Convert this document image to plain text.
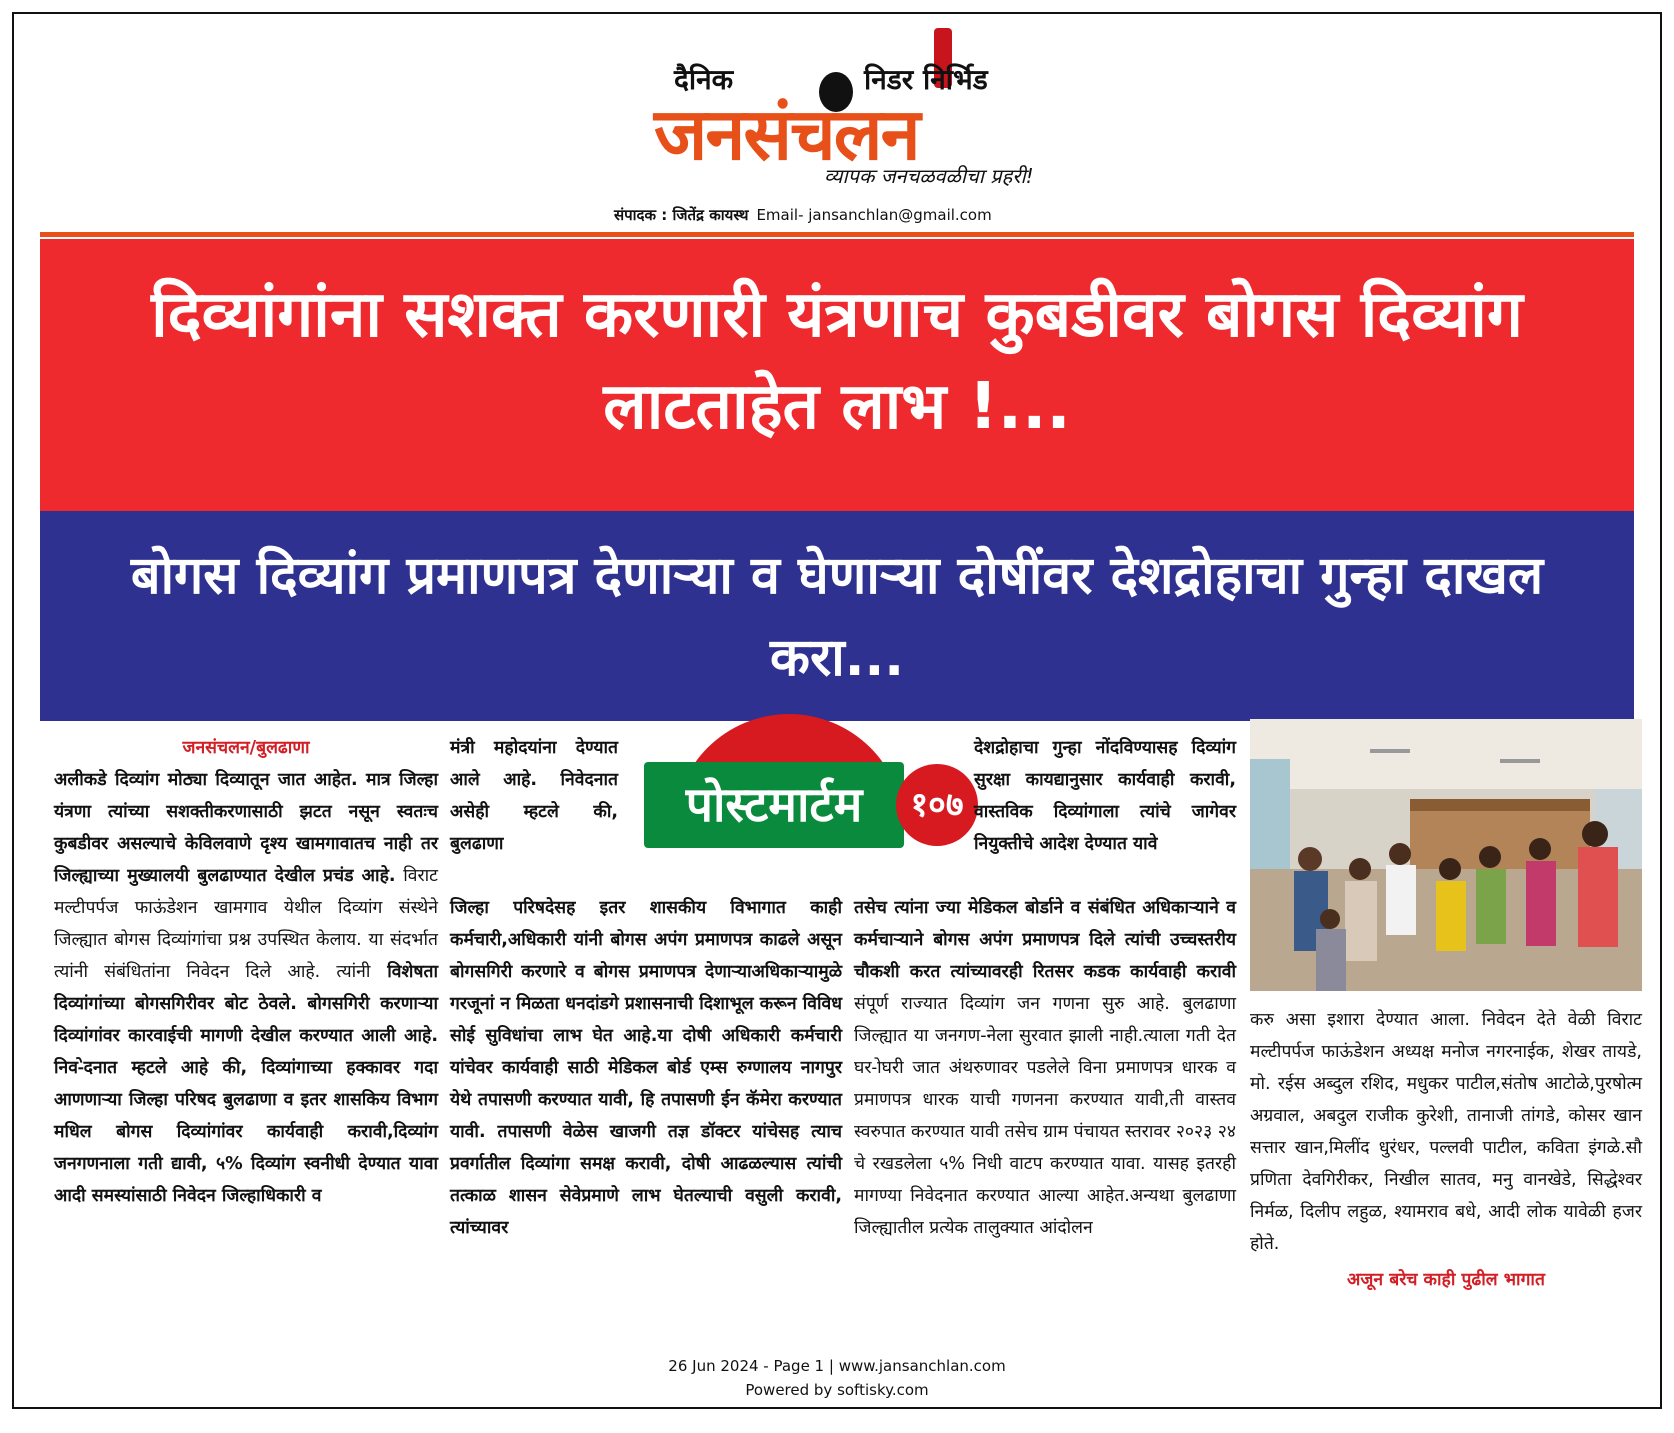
दैनिक	निडर निर्भिड
जनसंचलन
व्यापक जनचळवळीचा प्रहरी!
संपादक : जितेंद्र कायस्थ Email- jansanchlan@gmail.com
दिव्यांगांना सशक्त करणारी यंत्रणाच कुबडीवर बोगस दिव्यांग लाटताहेत लाभ !...
बोगस दिव्यांग प्रमाणपत्र देणाऱ्या व घेणाऱ्या दोषींवर देशद्रोहाचा गुन्हा दाखल करा...
जनसंचलन/बुलढाणा

अलीकडे दिव्यांग मोठ्या दिव्यातून जात आहेत. मात्र जिल्हा यंत्रणा त्यांच्या सशक्तीकरणासाठी झटत नसून स्वतःच कुबडीवर असल्याचे केविलवाणे दृश्य खामगावातच नाही तर जिल्ह्याच्या मुख्यालयी बुलढाण्यात देखील प्रचंड आहे. विराट मल्टीपर्पज फाऊंडेशन खामगाव येथील दिव्यांग संस्थेने जिल्ह्यात बोगस दिव्यांगांचा प्रश्न उपस्थित केलाय. या संदर्भात त्यांनी संबंधितांना निवेदन दिले आहे. त्यांनी विशेषता दिव्यांगांच्या बोगसगिरीवर बोट ठेवले. बोगसगिरी करणाऱ्या दिव्यांगांवर कारवाईची मागणी देखील करण्यात आली आहे. निव-ेदनात म्हटले आहे की, दिव्यांगाच्या हक्कावर गदा आणणाऱ्या जिल्हा परिषद बुलढाणा व इतर शासकिय विभाग मधिल बोगस दिव्यांगांवर कार्यवाही करावी,दिव्यांग जनगणनाला गती द्यावी, ५% दिव्यांग स्वनीधी देण्यात यावा आदी समस्यांसाठी निवेदन जिल्हाधिकारी व

मंत्री महोदयांना देण्यात आले आहे. निवेदनात असेही म्हटले की, बुलढाणा

पोस्टमार्टम	१०७

जिल्हा परिषदेसह इतर शासकीय विभागात काही कर्मचारी,अधिकारी यांनी बोगस अपंग प्रमाणपत्र काढले असून बोगसगिरी करणारे व बोगस प्रमाणपत्र देणाऱ्याअधिकाऱ्यामुळे गरजूनां न मिळता धनदांडगे प्रशासनाची दिशाभूल करून विविध सोई सुविधांचा लाभ घेत आहे.या दोषी अधिकारी कर्मचारी यांचेवर कार्यवाही साठी मेडिकल बोर्ड एम्स रुग्णालय नागपुर येथे तपासणी करण्यात यावी, हि तपासणी ईन कॅमेरा करण्यात यावी. तपासणी वेळेस खाजगी तज्ञ डॉक्टर यांचेसह त्याच प्रवर्गातील दिव्यांगा समक्ष करावी, दोषी आढळल्यास त्यांची तत्काळ शासन सेवेप्रमाणे लाभ घेतल्याची वसुली करावी, त्यांच्यावर

देशद्रोहाचा गुन्हा नोंदविण्यासह दिव्यांग सुरक्षा कायद्यानुसार कार्यवाही करावी, वास्तविक दिव्यांगाला त्यांचे जागेवर नियुक्तीचे आदेश देण्यात यावे

तसेच त्यांना ज्या मेडिकल बोर्डाने व संबंधित अधिकाऱ्याने व कर्मचाऱ्याने बोगस अपंग प्रमाणपत्र दिले त्यांची उच्चस्तरीय चौकशी करत त्यांच्यावरही रितसर कडक कार्यवाही करावी संपूर्ण राज्यात दिव्यांग जन गणना सुरु आहे. बुलढाणा जिल्ह्यात या जनगण-नेला सुरवात झाली नाही.त्याला गती देत घर-ोघरी जात अंथरुणावर पडलेले विना प्रमाणपत्र धारक व प्रमाणपत्र धारक याची गणनना करण्यात यावी,ती वास्तव स्वरुपात करण्यात यावी तसेच ग्राम पंचायत स्तरावर २०२३ २४ चे रखडलेला ५% निधी वाटप करण्यात यावा. यासह इतरही मागण्या निवेदनात करण्यात आल्या आहेत.अन्यथा बुलढाणा जिल्ह्यातील प्रत्येक तालुक्यात आंदोलन

करु असा इशारा देण्यात आला. निवेदन देते वेळी विराट मल्टीपर्पज फाऊंडेशन अध्यक्ष मनोज नगरनाईक, शेखर तायडे, मो. रईस अब्दुल रशिद, मधुकर पाटील,संतोष आटोळे,पुरषोत्म अग्रवाल, अबदुल राजीक कुरेशी, तानाजी तांगडे, कोसर खान सत्तार खान,मिलींद धुरंधर, पल्लवी पाटील, कविता इंगळे.सौ प्रणिता देवगिरीकर, निखील सातव, मनु वानखेडे, सिद्धेश्वर निर्मळ, दिलीप लहुळ, श्यामराव बधे, आदी लोक यावेळी हजर होते.

अजून बरेच काही पुढील भागात
26 Jun 2024 - Page 1 | www.jansanchlan.com
Powered by softisky.com
